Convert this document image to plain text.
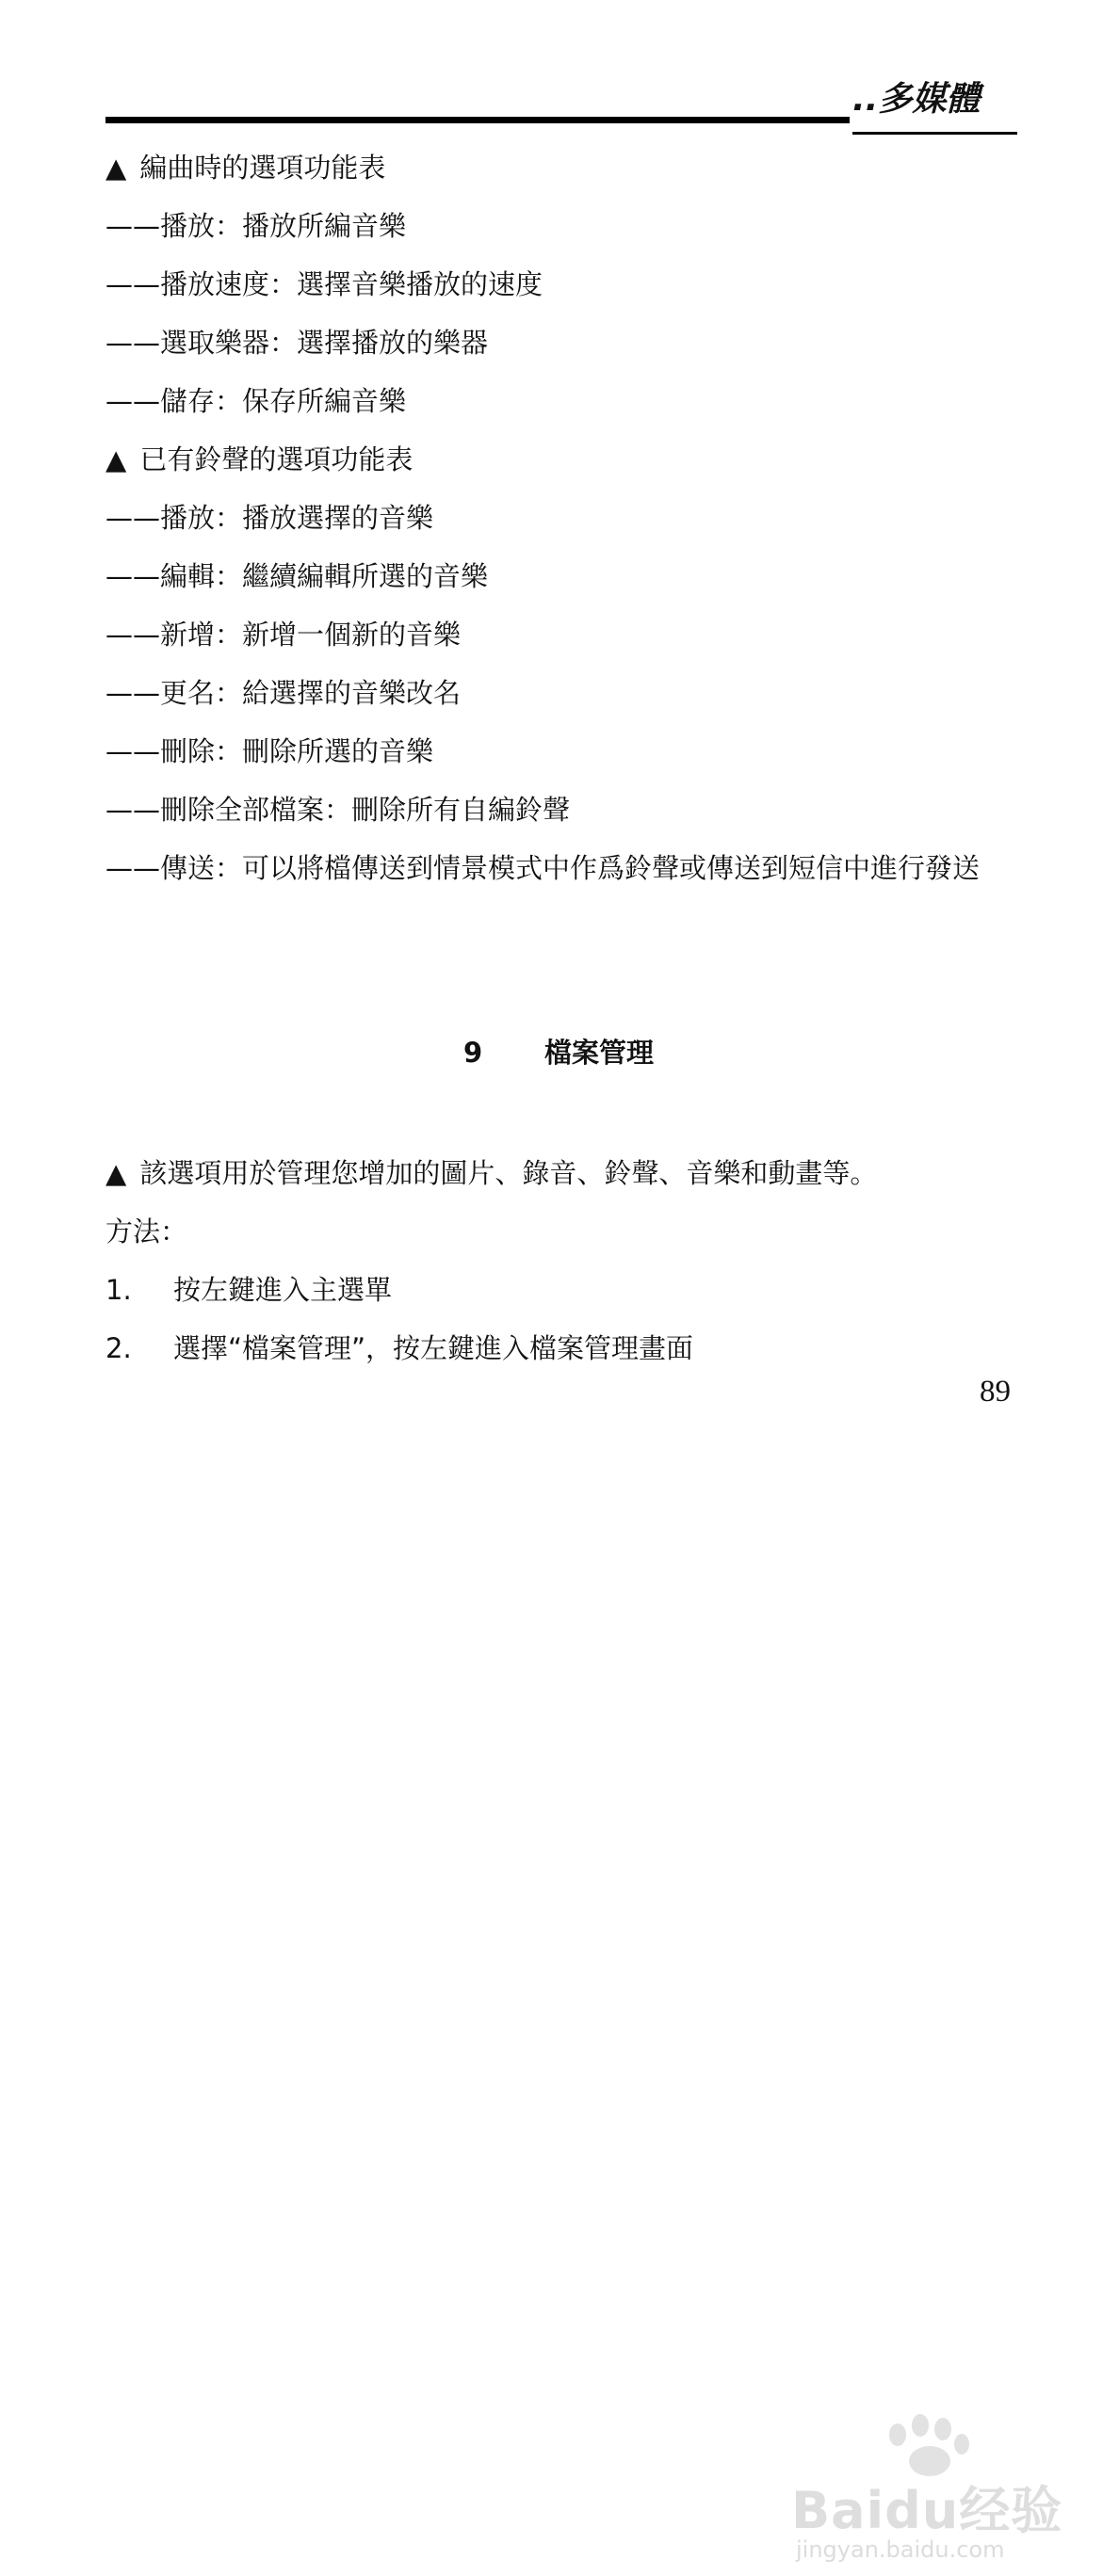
..多媒體
▲ 編曲時的選項功能表
——播放：播放所編音樂
——播放速度：選擇音樂播放的速度
——選取樂器：選擇播放的樂器
——儲存：保存所編音樂
▲ 已有鈴聲的選項功能表
——播放：播放選擇的音樂
——編輯：繼續編輯所選的音樂
——新增：新增一個新的音樂
——更名：給選擇的音樂改名
——刪除：刪除所選的音樂
——刪除全部檔案：刪除所有自編鈴聲
——傳送：可以將檔傳送到情景模式中作爲鈴聲或傳送到短信中進行發送
9 檔案管理
▲ 該選項用於管理您增加的圖片、錄音、鈴聲、音樂和動畫等。
方法：
1. 按左鍵進入主選單
2. 選擇“檔案管理”，按左鍵進入檔案管理畫面
89
Baidu经验
jingyan.baidu.com
